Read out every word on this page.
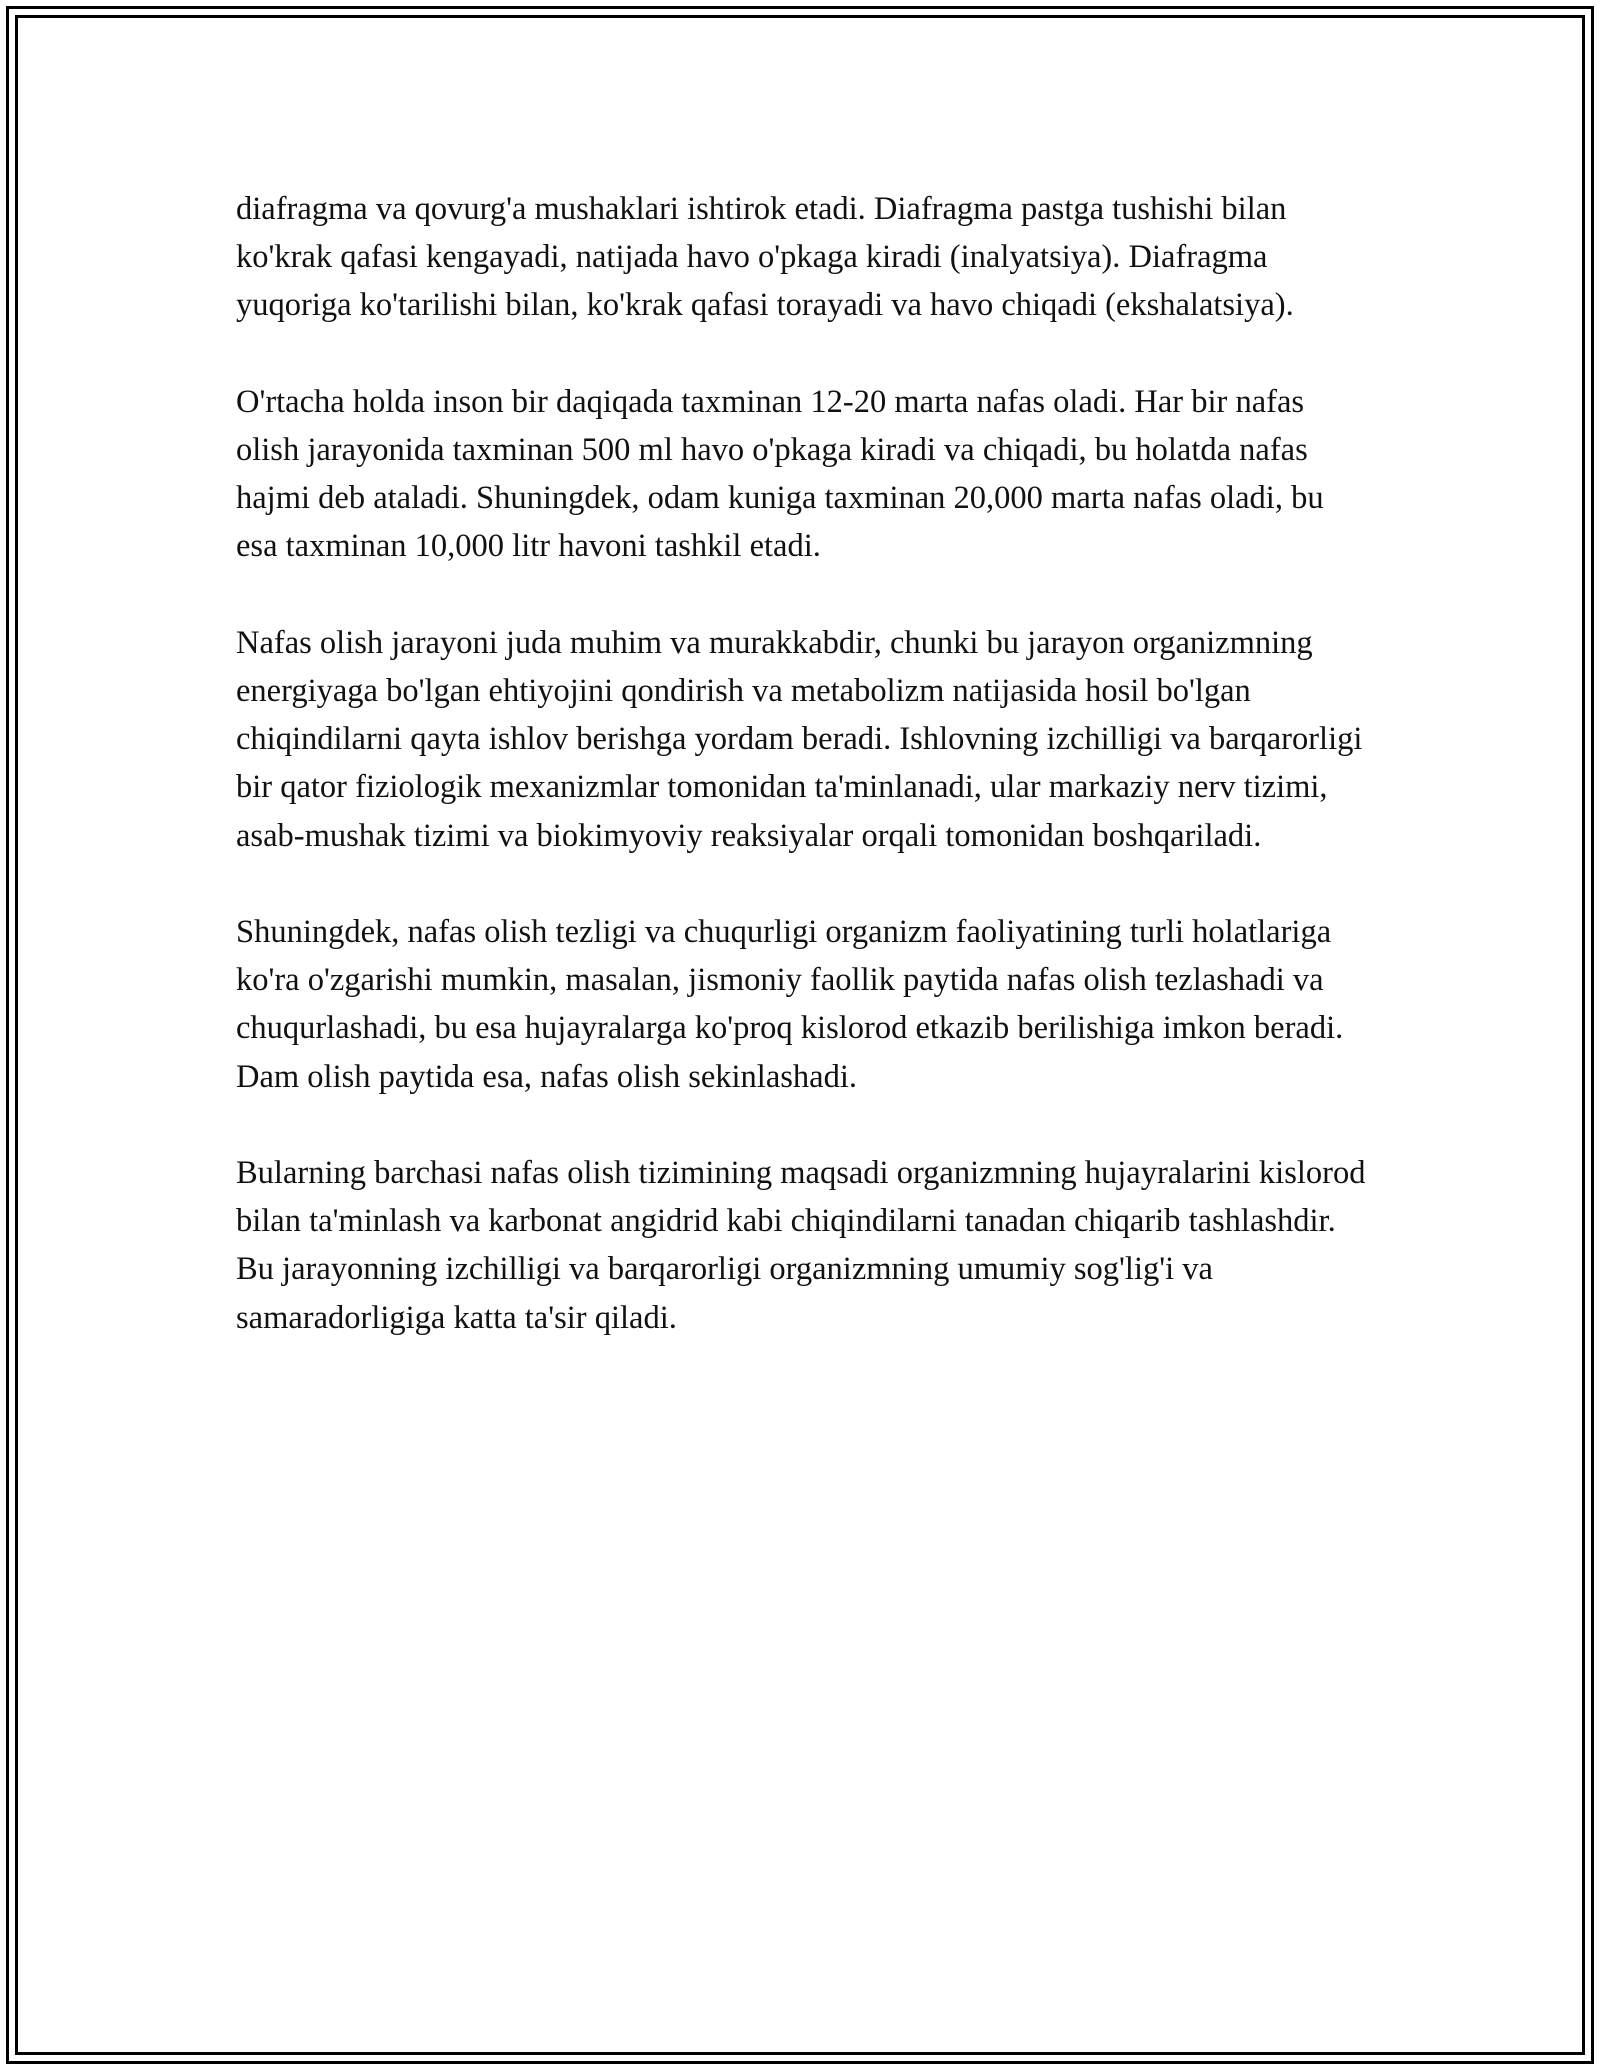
diafragma va qovurg'a mushaklari ishtirok etadi. Diafragma pastga tushishi bilan ko'krak qafasi kengayadi, natijada havo o'pkaga kiradi (inalyatsiya). Diafragma yuqoriga ko'tarilishi bilan, ko'krak qafasi torayadi va havo chiqadi (ekshalatsiya).

O'rtacha holda inson bir daqiqada taxminan 12-20 marta nafas oladi. Har bir nafas olish jarayonida taxminan 500 ml havo o'pkaga kiradi va chiqadi, bu holatda nafas hajmi deb ataladi. Shuningdek, odam kuniga taxminan 20,000 marta nafas oladi, bu esa taxminan 10,000 litr havoni tashkil etadi.

Nafas olish jarayoni juda muhim va murakkabdir, chunki bu jarayon organizmning energiyaga bo'lgan ehtiyojini qondirish va metabolizm natijasida hosil bo'lgan chiqindilarni qayta ishlov berishga yordam beradi. Ishlovning izchilligi va barqarorligi bir qator fiziologik mexanizmlar tomonidan ta'minlanadi, ular markaziy nerv tizimi, asab-mushak tizimi va biokimyoviy reaksiyalar orqali tomonidan boshqariladi.

Shuningdek, nafas olish tezligi va chuqurligi organizm faoliyatining turli holatlariga ko'ra o'zgarishi mumkin, masalan, jismoniy faollik paytida nafas olish tezlashadi va chuqurlashadi, bu esa hujayralarga ko'proq kislorod etkazib berilishiga imkon beradi. Dam olish paytida esa, nafas olish sekinlashadi.

Bularning barchasi nafas olish tizimining maqsadi organizmning hujayralarini kislorod bilan ta'minlash va karbonat angidrid kabi chiqindilarni tanadan chiqarib tashlashdir. Bu jarayonning izchilligi va barqarorligi organizmning umumiy sog'lig'i va samaradorligiga katta ta'sir qiladi.
